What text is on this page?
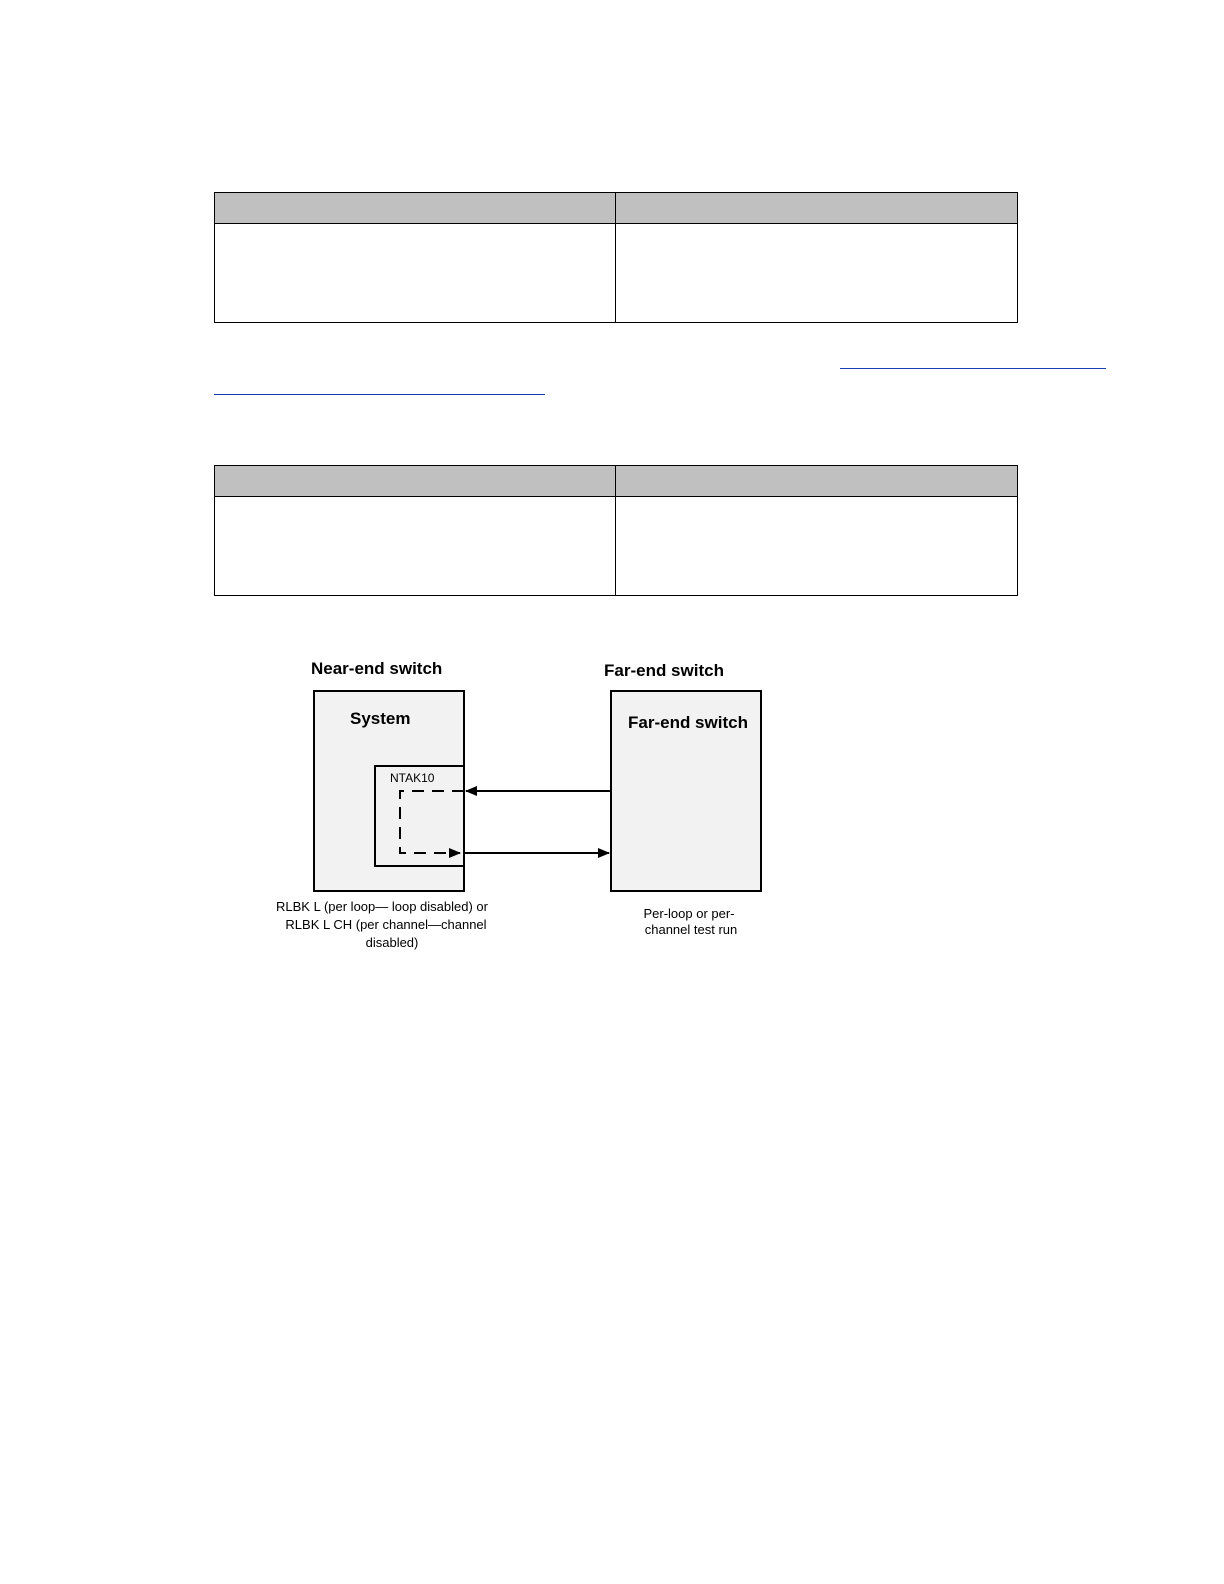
Near-end switch	Far-end switch
System
NTAK10
Far-end switch
RLBK L (per loop— loop disabled) or
RLBK L CH (per channel—channel
disabled)
Per-loop or per-
channel test run
